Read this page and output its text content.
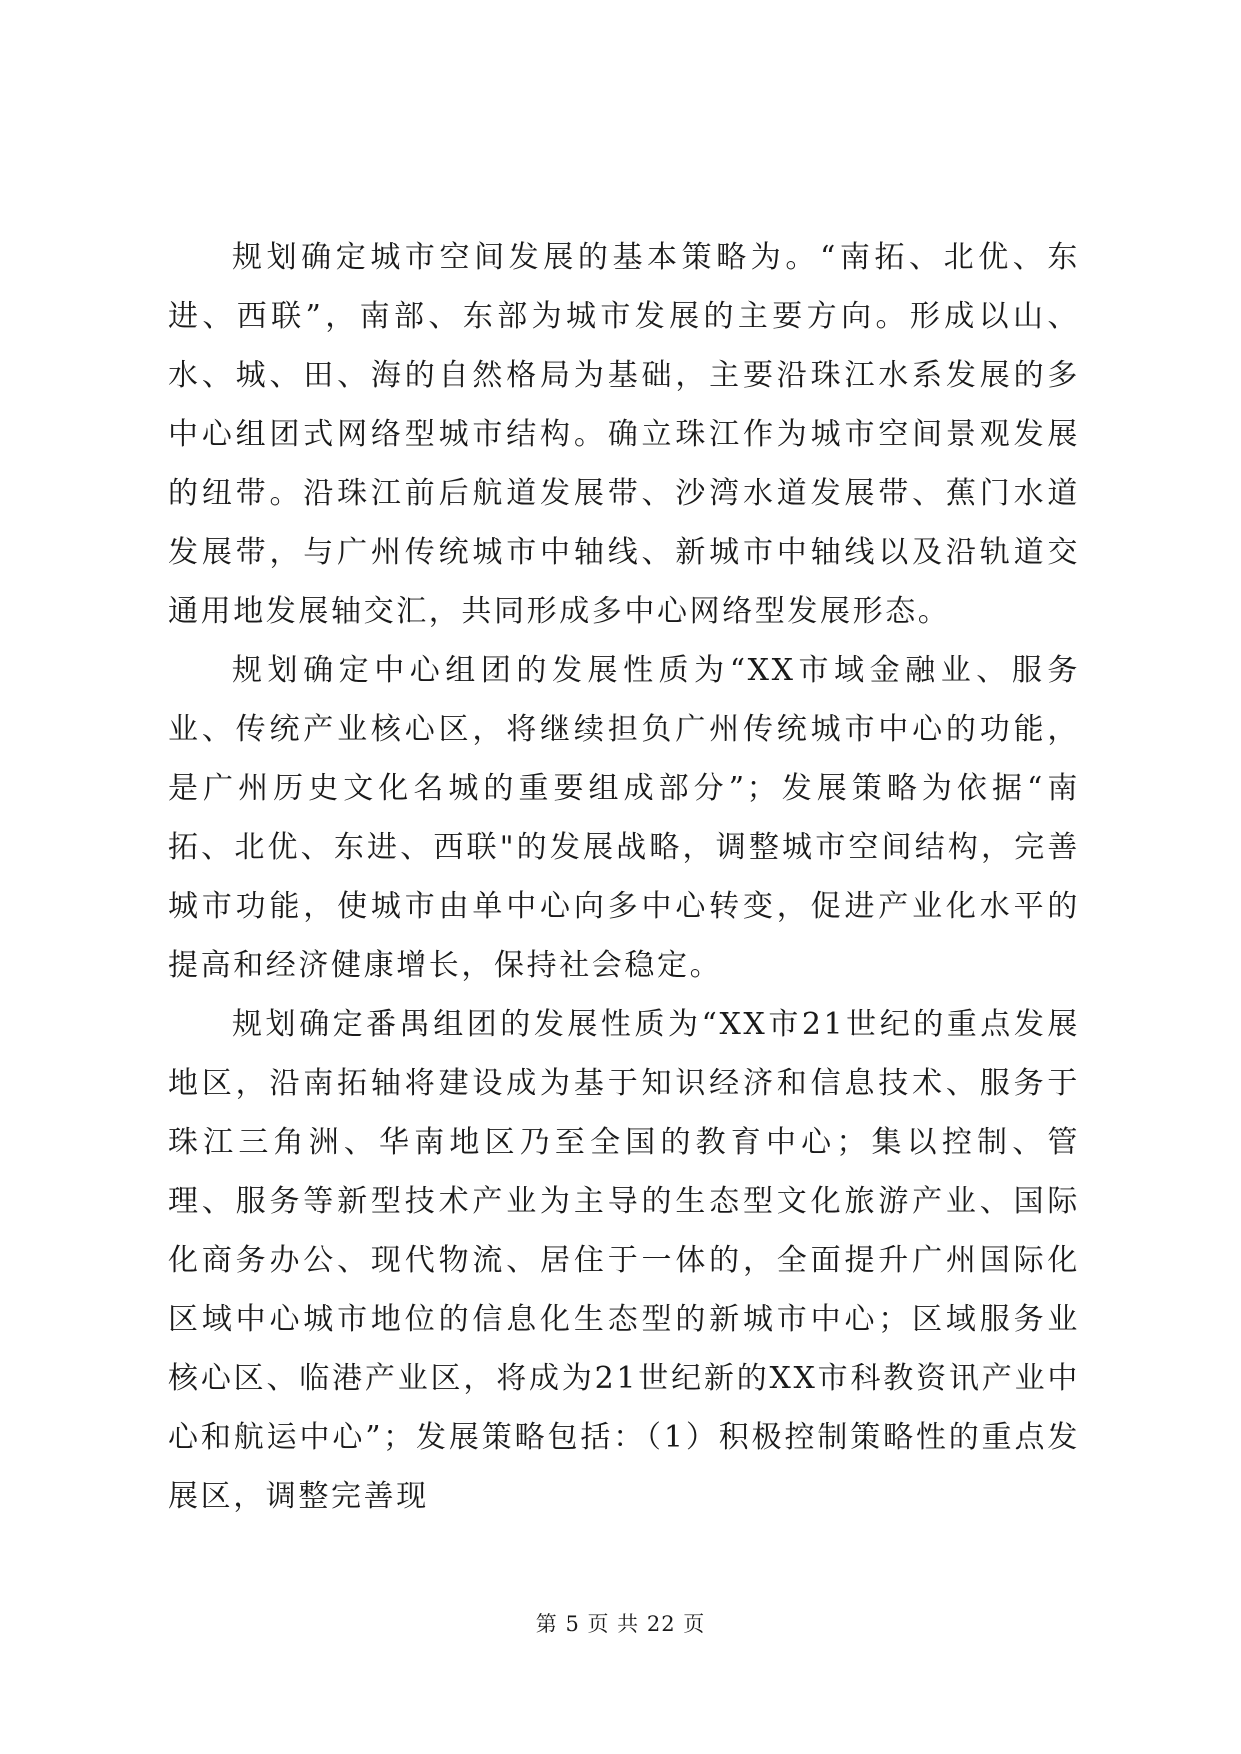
规划确定城市空间发展的基本策略为。“南拓、北优、东进、西联”，南部、东部为城市发展的主要方向。形成以山、水、城、田、海的自然格局为基础，主要沿珠江水系发展的多中心组团式网络型城市结构。确立珠江作为城市空间景观发展的纽带。沿珠江前后航道发展带、沙湾水道发展带、蕉门水道发展带，与广州传统城市中轴线、新城市中轴线以及沿轨道交通用地发展轴交汇，共同形成多中心网络型发展形态。

规划确定中心组团的发展性质为“XX市域金融业、服务业、传统产业核心区，将继续担负广州传统城市中心的功能，是广州历史文化名城的重要组成部分”；发展策略为依据“南拓、北优、东进、西联"的发展战略，调整城市空间结构，完善城市功能，使城市由单中心向多中心转变，促进产业化水平的提高和经济健康增长，保持社会稳定。

规划确定番禺组团的发展性质为“XX市21世纪的重点发展地区，沿南拓轴将建设成为基于知识经济和信息技术、服务于珠江三角洲、华南地区乃至全国的教育中心；集以控制、管理、服务等新型技术产业为主导的生态型文化旅游产业、国际化商务办公、现代物流、居住于一体的，全面提升广州国际化区域中心城市地位的信息化生态型的新城市中心；区域服务业核心区、临港产业区，将成为21世纪新的XX市科教资讯产业中心和航运中心”；发展策略包括：（1）积极控制策略性的重点发展区，调整完善现

第 5 页 共 22 页
